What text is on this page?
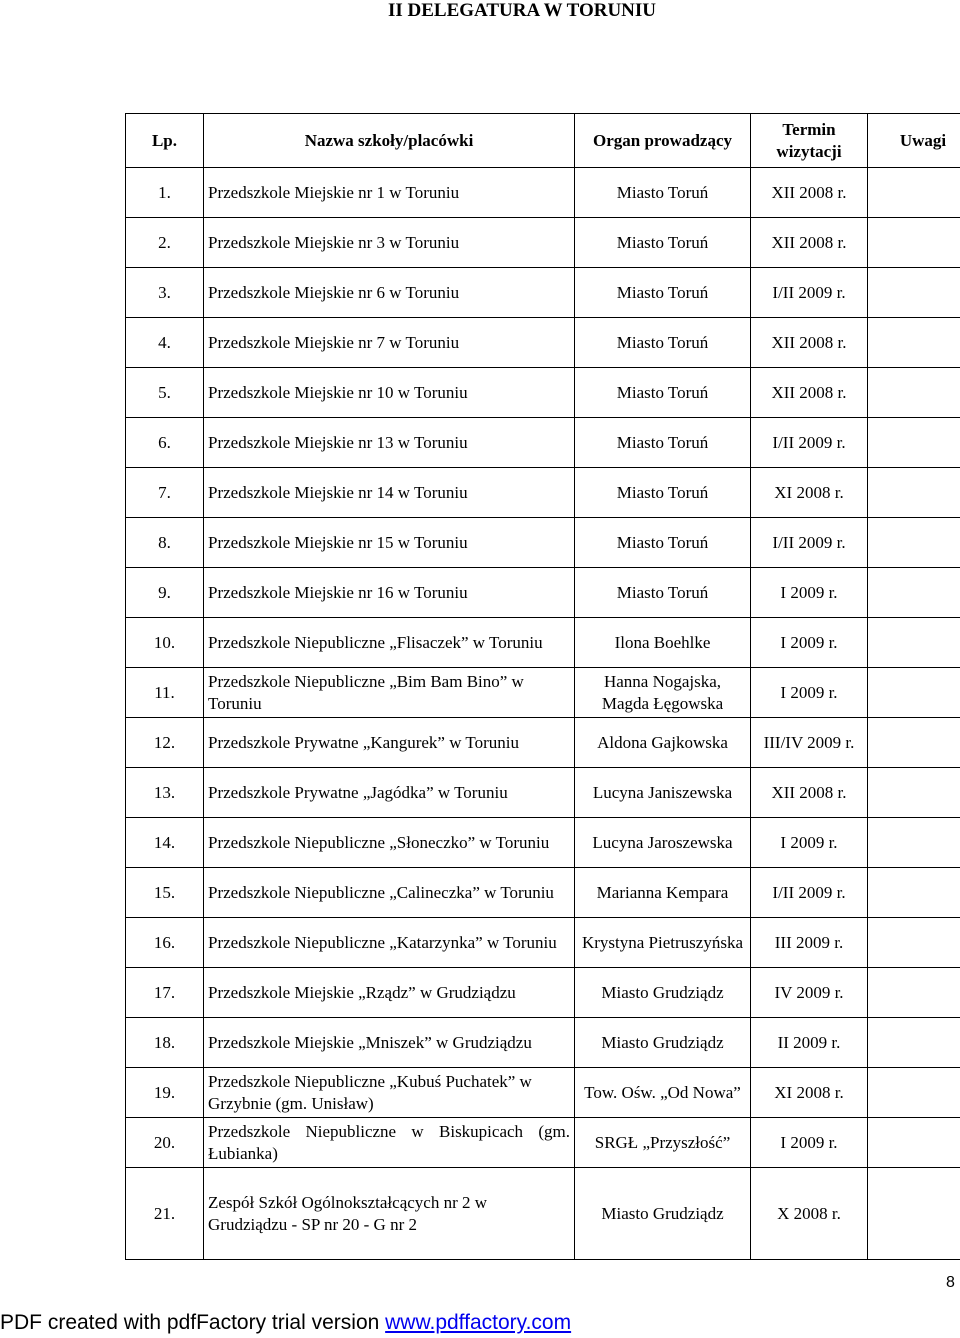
II DELEGATURA W TORUNIU
Lp.	Nazwa szkoły/placówki	Organ prowadzący	Termin wizytacji	Uwagi
1.	Przedszkole Miejskie nr 1 w Toruniu	Miasto Toruń	XII 2008 r.	
2.	Przedszkole Miejskie nr 3 w Toruniu	Miasto Toruń	XII 2008 r.	
3.	Przedszkole Miejskie nr 6 w Toruniu	Miasto Toruń	I/II 2009 r.	
4.	Przedszkole Miejskie nr 7 w Toruniu	Miasto Toruń	XII 2008 r.	
5.	Przedszkole Miejskie nr 10 w Toruniu	Miasto Toruń	XII 2008 r.	
6.	Przedszkole Miejskie nr 13 w Toruniu	Miasto Toruń	I/II 2009 r.	
7.	Przedszkole Miejskie nr 14 w Toruniu	Miasto Toruń	XI 2008 r.	
8.	Przedszkole Miejskie nr 15 w Toruniu	Miasto Toruń	I/II 2009 r.	
9.	Przedszkole Miejskie nr 16 w Toruniu	Miasto Toruń	I 2009 r.	
10.	Przedszkole Niepubliczne „Flisaczek” w Toruniu	Ilona Boehlke	I 2009 r.	
11.	Przedszkole Niepubliczne „Bim Bam Bino” w Toruniu	Hanna Nogajska, Magda Łęgowska	I 2009 r.	
12.	Przedszkole Prywatne „Kangurek” w Toruniu	Aldona Gajkowska	III/IV 2009 r.	
13.	Przedszkole Prywatne „Jagódka” w Toruniu	Lucyna Janiszewska	XII 2008 r.	
14.	Przedszkole Niepubliczne „Słoneczko” w Toruniu	Lucyna Jaroszewska	I 2009 r.	
15.	Przedszkole Niepubliczne „Calineczka” w Toruniu	Marianna Kempara	I/II 2009 r.	
16.	Przedszkole Niepubliczne „Katarzynka” w Toruniu	Krystyna Pietruszyńska	III 2009 r.	
17.	Przedszkole Miejskie „Rządz” w Grudziądzu	Miasto Grudziądz	IV 2009 r.	
18.	Przedszkole Miejskie „Mniszek” w Grudziądzu	Miasto Grudziądz	II 2009 r.	
19.	Przedszkole Niepubliczne „Kubuś Puchatek” w Grzybnie (gm. Unisław)	Tow. Ośw. „Od Nowa”	XI 2008 r.	
20.	Przedszkole Niepubliczne w Biskupicach (gm. Łubianka)	SRGŁ „Przyszłość”	I 2009 r.	
21.	Zespół Szkół Ogólnokształcących nr 2 w Grudziądzu - SP nr 20 - G nr 2	Miasto Grudziądz	X 2008 r.	
8
PDF created with pdfFactory trial version www.pdffactory.com
